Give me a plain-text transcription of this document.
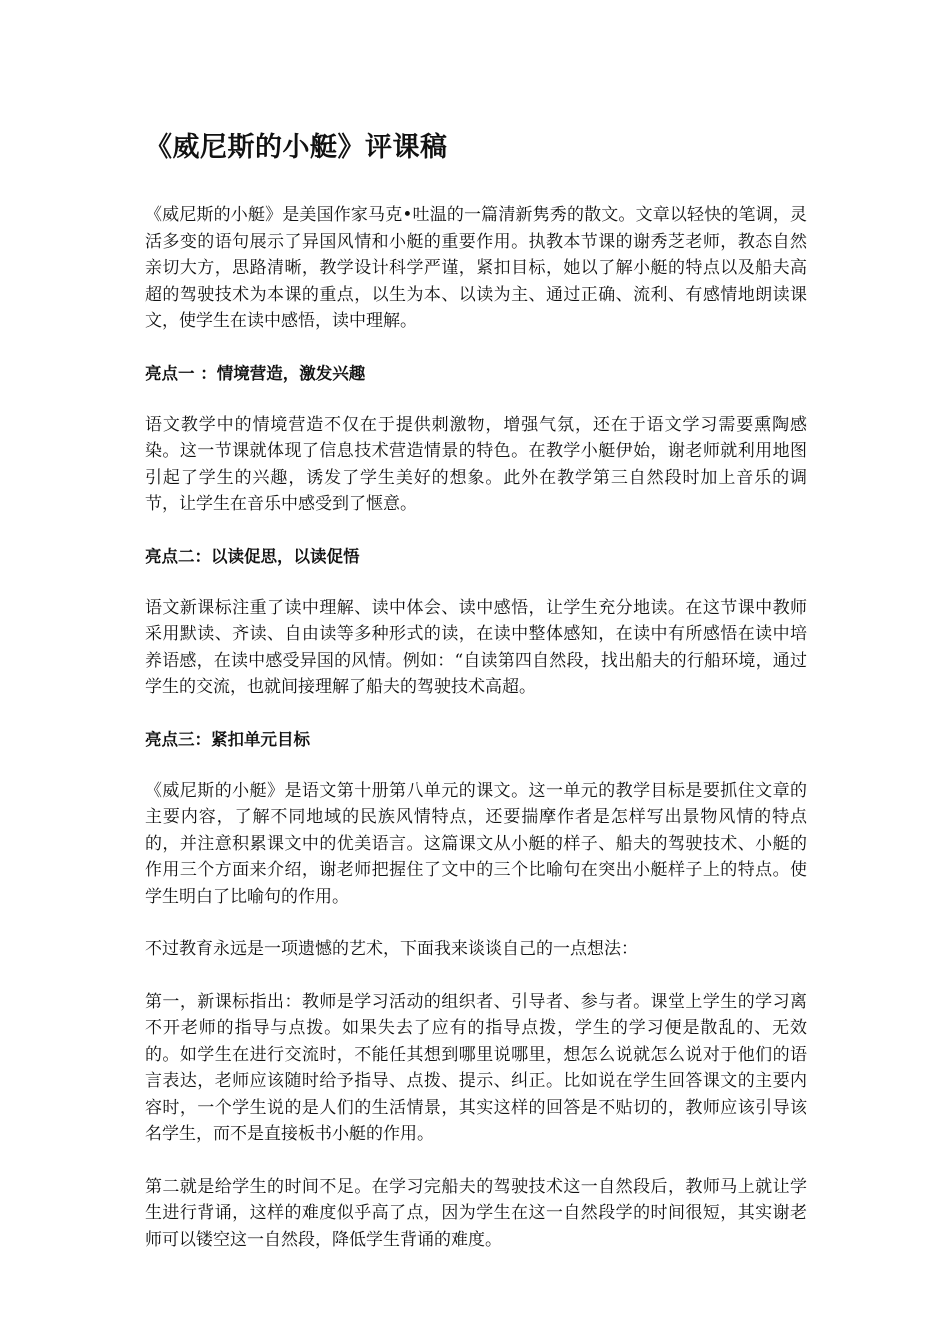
《威尼斯的小艇》评课稿

《威尼斯的小艇》是美国作家马克•吐温的一篇清新隽秀的散文。文章以轻快的笔调，灵活多变的语句展示了异国风情和小艇的重要作用。执教本节课的谢秀芝老师，教态自然亲切大方，思路清晰，教学设计科学严谨，紧扣目标，她以了解小艇的特点以及船夫高超的驾驶技术为本课的重点，以生为本、以读为主、通过正确、流利、有感情地朗读课文，使学生在读中感悟，读中理解。

亮点一 ：情境营造，激发兴趣

语文教学中的情境营造不仅在于提供刺激物，增强气氛，还在于语文学习需要熏陶感染。这一节课就体现了信息技术营造情景的特色。在教学小艇伊始，谢老师就利用地图引起了学生的兴趣，诱发了学生美好的想象。此外在教学第三自然段时加上音乐的调节，让学生在音乐中感受到了惬意。

亮点二：以读促思，以读促悟

语文新课标注重了读中理解、读中体会、读中感悟，让学生充分地读。在这节课中教师采用默读、齐读、自由读等多种形式的读，在读中整体感知，在读中有所感悟在读中培养语感，在读中感受异国的风情。例如：“自读第四自然段，找出船夫的行船环境，通过学生的交流，也就间接理解了船夫的驾驶技术高超。

亮点三：紧扣单元目标

《威尼斯的小艇》是语文第十册第八单元的课文。这一单元的教学目标是要抓住文章的主要内容，了解不同地域的民族风情特点，还要揣摩作者是怎样写出景物风情的特点的，并注意积累课文中的优美语言。这篇课文从小艇的样子、船夫的驾驶技术、小艇的作用三个方面来介绍，谢老师把握住了文中的三个比喻句在突出小艇样子上的特点。使学生明白了比喻句的作用。

不过教育永远是一项遗憾的艺术，下面我来谈谈自己的一点想法：

第一，新课标指出：教师是学习活动的组织者、引导者、参与者。课堂上学生的学习离不开老师的指导与点拨。如果失去了应有的指导点拨，学生的学习便是散乱的、无效的。如学生在进行交流时，不能任其想到哪里说哪里，想怎么说就怎么说对于他们的语言表达，老师应该随时给予指导、点拨、提示、纠正。比如说在学生回答课文的主要内容时，一个学生说的是人们的生活情景，其实这样的回答是不贴切的，教师应该引导该名学生，而不是直接板书小艇的作用。

第二就是给学生的时间不足。在学习完船夫的驾驶技术这一自然段后，教师马上就让学生进行背诵，这样的难度似乎高了点，因为学生在这一自然段学的时间很短，其实谢老师可以镂空这一自然段，降低学生背诵的难度。
